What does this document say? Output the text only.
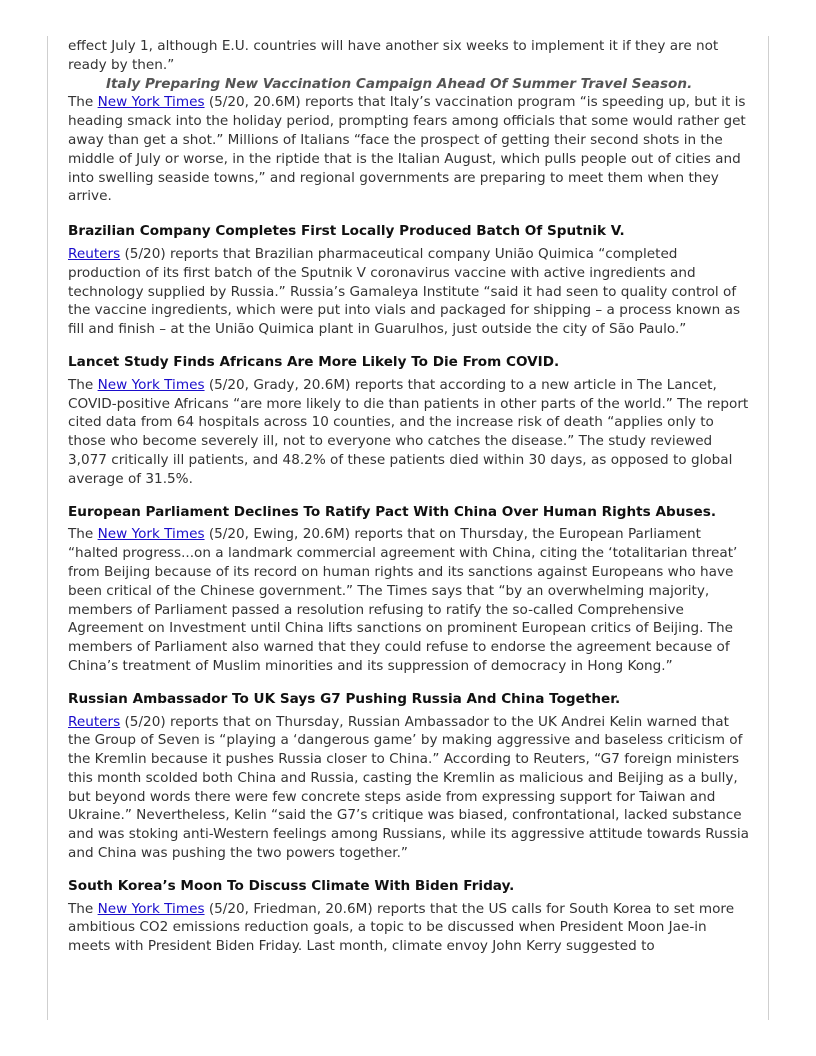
effect July 1, although E.U. countries will have another six weeks to implement it if they are not ready by then.”

Italy Preparing New Vaccination Campaign Ahead Of Summer Travel Season.

The New York Times (5/20, 20.6M) reports that Italy’s vaccination program “is speeding up, but it is heading smack into the holiday period, prompting fears among officials that some would rather get away than get a shot.” Millions of Italians “face the prospect of getting their second shots in the middle of July or worse, in the riptide that is the Italian August, which pulls people out of cities and into swelling seaside towns,” and regional governments are preparing to meet them when they arrive.

Brazilian Company Completes First Locally Produced Batch Of Sputnik V.

Reuters (5/20) reports that Brazilian pharmaceutical company União Quimica “completed production of its first batch of the Sputnik V coronavirus vaccine with active ingredients and technology supplied by Russia.” Russia’s Gamaleya Institute “said it had seen to quality control of the vaccine ingredients, which were put into vials and packaged for shipping – a process known as fill and finish – at the União Quimica plant in Guarulhos, just outside the city of São Paulo.”

Lancet Study Finds Africans Are More Likely To Die From COVID.

The New York Times (5/20, Grady, 20.6M) reports that according to a new article in The Lancet, COVID-positive Africans “are more likely to die than patients in other parts of the world.” The report cited data from 64 hospitals across 10 counties, and the increase risk of death “applies only to those who become severely ill, not to everyone who catches the disease.” The study reviewed 3,077 critically ill patients, and 48.2% of these patients died within 30 days, as opposed to global average of 31.5%.

European Parliament Declines To Ratify Pact With China Over Human Rights Abuses.

The New York Times (5/20, Ewing, 20.6M) reports that on Thursday, the European Parliament “halted progress...on a landmark commercial agreement with China, citing the ‘totalitarian threat’ from Beijing because of its record on human rights and its sanctions against Europeans who have been critical of the Chinese government.” The Times says that “by an overwhelming majority, members of Parliament passed a resolution refusing to ratify the so-called Comprehensive Agreement on Investment until China lifts sanctions on prominent European critics of Beijing. The members of Parliament also warned that they could refuse to endorse the agreement because of China’s treatment of Muslim minorities and its suppression of democracy in Hong Kong.”

Russian Ambassador To UK Says G7 Pushing Russia And China Together.

Reuters (5/20) reports that on Thursday, Russian Ambassador to the UK Andrei Kelin warned that the Group of Seven is “playing a ‘dangerous game’ by making aggressive and baseless criticism of the Kremlin because it pushes Russia closer to China.” According to Reuters, “G7 foreign ministers this month scolded both China and Russia, casting the Kremlin as malicious and Beijing as a bully, but beyond words there were few concrete steps aside from expressing support for Taiwan and Ukraine.” Nevertheless, Kelin “said the G7’s critique was biased, confrontational, lacked substance and was stoking anti-Western feelings among Russians, while its aggressive attitude towards Russia and China was pushing the two powers together.”

South Korea’s Moon To Discuss Climate With Biden Friday.

The New York Times (5/20, Friedman, 20.6M) reports that the US calls for South Korea to set more ambitious CO2 emissions reduction goals, a topic to be discussed when President Moon Jae-in meets with President Biden Friday. Last month, climate envoy John Kerry suggested to
